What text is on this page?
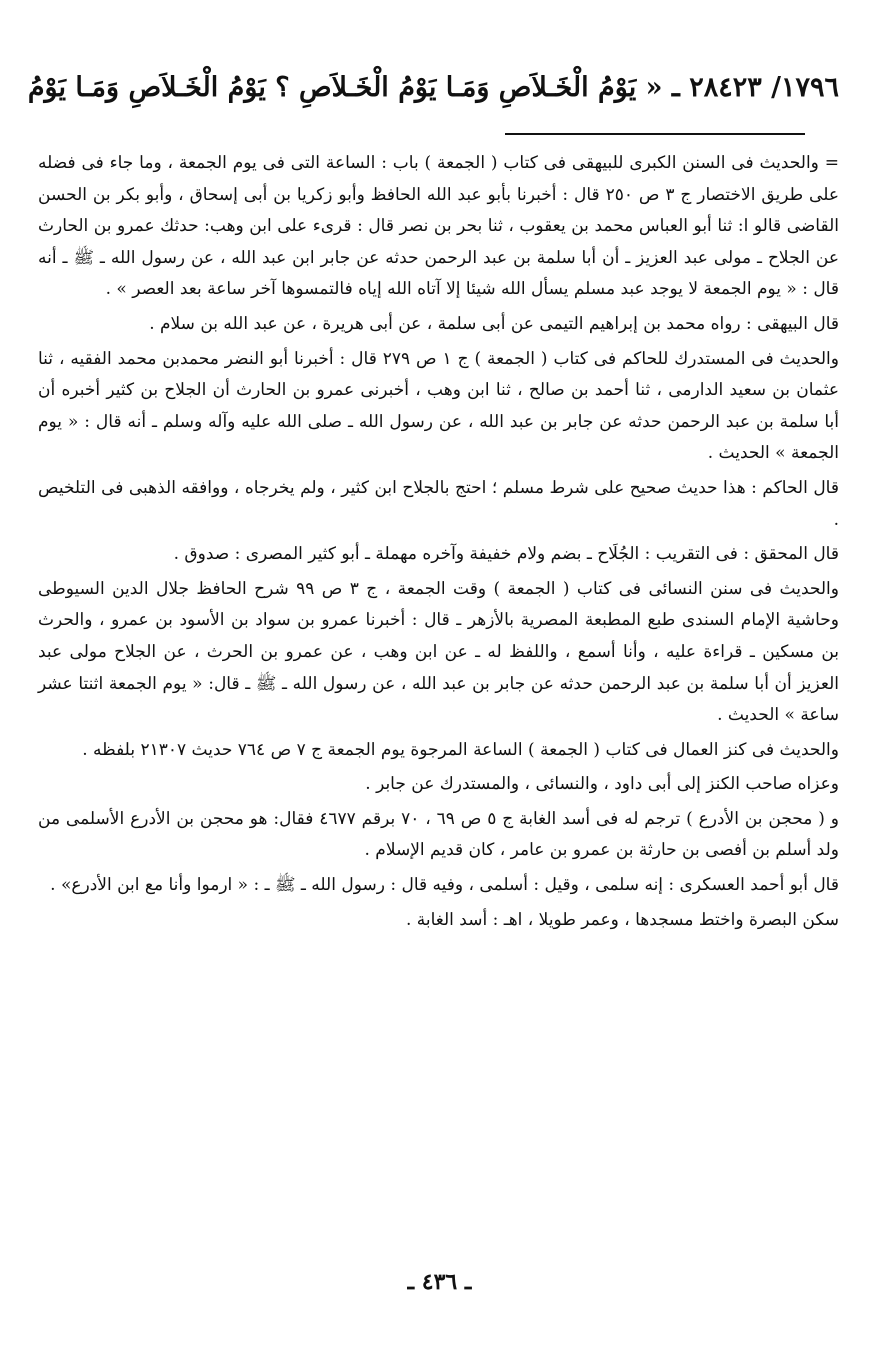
١٧٩٦/ ٢٨٤٢٣ ـ « يَوْمُ الْخَـلاَصِ وَمَـا يَوْمُ الْخَـلاَصِ ؟ يَوْمُ الْخَـلاَصِ وَمَـا يَوْمُ

= والحديث فى السنن الكبرى للبيهقى فى كتاب ( الجمعة ) باب : الساعة التى فى يوم الجمعة ، وما جاء فى فضله على طريق الاختصار ج ٣ ص ٢٥٠ قال : أخبرنا بأبو عبد الله الحافظ وأبو زكريا بن أبى إسحاق ، وأبو بكر بن الحسن القاضى قالو ا: ثنا أبو العباس محمد بن يعقوب ، ثنا بحر بن نصر قال : قرىء على ابن وهب: حدثك عمرو بن الحارث عن الجلاح ـ مولى عبد العزيز ـ أن أبا سلمة بن عبد الرحمن حدثه عن جابر ابن عبد الله ، عن رسول الله ـ ﷺ ـ أنه قال : « يوم الجمعة لا يوجد عبد مسلم يسأل الله شيئا إلا آتاه الله إياه فالتمسوها آخر ساعة بعد العصر » .

قال البيهقى : رواه محمد بن إبراهيم التيمى عن أبى سلمة ، عن أبى هريرة ، عن عبد الله بن سلام .

والحديث فى المستدرك للحاكم فى كتاب ( الجمعة ) ج ١ ص ٢٧٩ قال : أخبرنا أبو النضر محمدبن محمد الفقيه ، ثنا عثمان بن سعيد الدارمى ، ثنا أحمد بن صالح ، ثنا ابن وهب ، أخبرنى عمرو بن الحارث أن الجلاح بن كثير أخبره أن أبا سلمة بن عبد الرحمن حدثه عن جابر بن عبد الله ، عن رسول الله ـ صلى الله عليه وآله وسلم ـ أنه قال : « يوم الجمعة » الحديث .

قال الحاكم : هذا حديث صحيح على شرط مسلم ؛ احتج بالجلاح ابن كثير ، ولم يخرجاه ، ووافقه الذهبى فى التلخيص .

قال المحقق : فى التقريب : الجُلَاح ـ بضم ولام خفيفة وآخره مهملة ـ أبو كثير المصرى : صدوق .

والحديث فى سنن النسائى فى كتاب ( الجمعة ) وقت الجمعة ، ج ٣ ص ٩٩ شرح الحافظ جلال الدين السيوطى وحاشية الإمام السندى طبع المطبعة المصرية بالأزهر ـ قال : أخبرنا عمرو بن سواد بن الأسود بن عمرو ، والحرث بن مسكين ـ قراءة عليه ، وأنا أسمع ، واللفظ له ـ عن ابن وهب ، عن عمرو بن الحرث ، عن الجلاح مولى عبد العزيز أن أبا سلمة بن عبد الرحمن حدثه عن جابر بن عبد الله ، عن رسول الله ـ ﷺ ـ قال: « يوم الجمعة اثنتا عشر ساعة » الحديث .

والحديث فى كنز العمال فى كتاب ( الجمعة ) الساعة المرجوة يوم الجمعة ج ٧ ص ٧٦٤ حديث ٢١٣٠٧ بلفظه .

وعزاه صاحب الكنز إلى أبى داود ، والنسائى ، والمستدرك عن جابر .

و ( محجن بن الأدرع ) ترجم له فى أسد الغابة ج ٥ ص ٦٩ ، ٧٠ برقم ٤٦٧٧ فقال: هو محجن بن الأدرع الأسلمى من ولد أسلم بن أفصى بن حارثة بن عمرو بن عامر ، كان قديم الإسلام .

قال أبو أحمد العسكرى : إنه سلمى ، وقيل : أسلمى ، وفيه قال : رسول الله ـ ﷺ ـ : « ارموا وأنا مع ابن الأدرع» .

سكن البصرة واختط مسجدها ، وعمر طويلا ، اهـ : أسد الغابة .

ـ ٤٣٦ ـ
